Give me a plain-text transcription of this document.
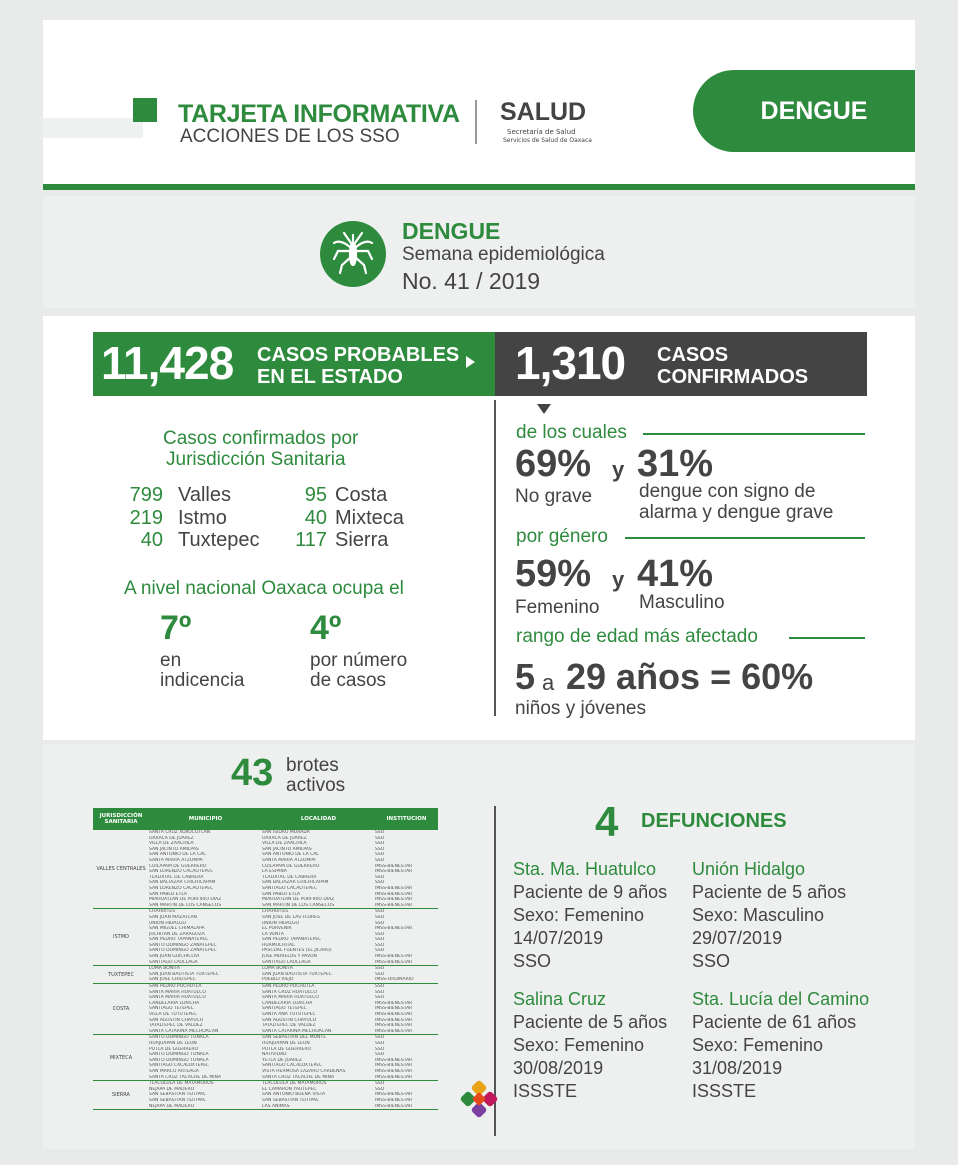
TARJETA INFORMATIVA
ACCIONES DE LOS SSO
SALUD
Secretaría de Salud
Servicios de Salud de Oaxaca
DENGUE
DENGUE
Semana epidemiológica
No. 41 / 2019
11,428 CASOS PROBABLES
EN EL ESTADO 1,310 CASOS
CONFIRMADOS
Casos confirmados por
Jurisdicción Sanitaria
799 Valles
219 Istmo
40 Tuxtepec
95 Costa
40 Mixteca
117 Sierra
A nivel nacional Oaxaca ocupa el
7º
en
indicencia
4º
por número
de casos
de los cuales
69% y 31%
No grave dengue con signo de
alarma y dengue grave
por género
59% y 41%
Femenino Masculino
rango de edad más afectado
5 a 29 años = 60%
niños y jóvenes
43 brotes
activos
JURISDICCIÓN SANITARIA	MUNICIPIO	LOCALIDAD	INSTITUCIÓN
VALLES CENTRALES
SANTA CRUZ XOXOCOTLAN	SAN ISIDRO MORADA	SSO
OAXACA DE JUAREZ	OAXACA DE JUAREZ	SSO
VILLA DE ZAACHILA	VILLA DE ZAACHILA	SSO
SAN JACINTO AMILPAS	SAN JACINTO AMILPAS	SSO
SAN ANTONIO DE LA CAL	SAN ANTONIO DE LA CAL	SSO
SANTA MARIA ATZOMPA	SANTA MARIA ATZOMPA	SSO
CUILAPAM DE GUERRERO	CUILAPAM DE GUERRERO	IMSS-BIENESTAR
SAN LORENZO CACAOTEPEC	LA ESPAÑA	IMSS-BIENESTAR
TLALIXTAC DE CABRERA	TLALIXTAC DE CABRERA	SSO
SAN BALTAZAR CHICHICAPAM	SAN BALTAZAR CHICHICAPAM	SSO
SAN LORENZO CACAOTEPEC	SANTIAGO CACAOTEPEC	IMSS-BIENESTAR
SAN PABLO ETLA	SAN PABLO ETLA	IMSS-BIENESTAR
MIAHUATLAN DE PORFIRIO DIAZ	MIAHUATLAN DE PORFIRIO DIAZ	IMSS-BIENESTAR
SAN MARTIN DE LOS CANSECOS	SAN MARTIN DE LOS CANSECOS	IMSS-BIENESTAR
ISTMO
CHAHUITES	CHAHUITES	SSO
SAN JUAN MAZATLAN	SAN JOSE DE LAS FLORES	SSO
UNION HIDALGO	UNION HIDALGO	SSO
SAN MIGUEL CHIMALAPA	EL PORVENIR	IMSS-BIENESTAR
JUCHITAN DE ZARAGOZA	LA VENTA	SSO
SAN PEDRO TAPANATEPEC	SAN PEDRO TAPANATEPEC	SSO
SANTO DOMINGO ZANATEPEC	HUAMUCHITAL	SSO
SANTO DOMINGO ZANATEPEC	PASCUAL FUENTES (EL JICARO)	SSO
SAN JUAN GUICHICOVI	JOSE MORELOS Y PAVON	IMSS-BIENESTAR
SANTIAGO LAOLLAGA	SANTIAGO LAOLLAGA	IMSS-BIENESTAR
TUXTEPEC
LOMA BONITA	LOMA BONITA	SSO
SAN JUAN BAUTISTA TUXTEPEC	SAN JUAN BAUTISTA TUXTEPEC	SSO
SAN JOSE CHILTEPEC	PUEBLO VIEJO	IMSS-ORDINARIO
COSTA
SAN PEDRO POCHUTLA	SAN PEDRO POCHUTLA	SSO
SANTA MARIA HUATULCO	SANTA CRUZ HUATULCO	SSO
SANTA MARIA HUATULCO	SANTA MARIA HUATULCO	SSO
CANDELARIA LOXICHA	CANDELARIA LOXICHA	IMSS-BIENESTAR
SANTIAGO TETEPEC	SANTIAGO TETEPEC	IMSS-BIENESTAR
VILLA DE TUTUTEPEC	SANTA ANA TUTUTEPEC	IMSS-BIENESTAR
SAN AGUSTIN CHAYUCO	SAN AGUSTIN CHAYUCO	IMSS-BIENESTAR
TATALTEPEC DE VALDEZ	TATALTEPEC DE VALDEZ	IMSS-BIENESTAR
SANTA CATARINA MECHOACAN	SANTA CATARINA MECHOACAN	IMSS-BIENESTAR
MIXTECA
SANTO DOMINGO TONALA	SAN SEBASTIAN DEL MONTE	SSO
HUAJUAPAN DE LEON	HUAJUAPAN DE LEON	SSO
PUTLA DE GUERRERO	PUTLA DE GUERRERO	SSO
SANTO DOMINGO TONALA	NATIVIDAD	SSO
SANTO DOMINGO TONALA	YETLA DE JUAREZ	IMSS-BIENESTAR
SANTIAGO CACALOXTEPEC	SANTIAGO CACALOXTEPEC	IMSS-BIENESTAR
SAN MARCO ARTEAGA	VISTA HERMOSA LAZARO CARDENAS	IMSS-BIENESTAR
SANTA CRUZ TACACHE DE MINA	SANTA CRUZ TACACHE DE MINA	IMSS-BIENESTAR
SIERRA
TLACOLULA DE MATAMOROS	TLACOLULA DE MATAMOROS	SSO
NEJAPA DE MADERO	EL CAMARON YAUTEPEC	SSO
SAN SEBASTIAN TEITIPAC	SAN ANTONIO BUENA VISTA	IMSS-BIENESTAR
SAN SEBASTIAN TEITIPAC	SAN SEBASTIAN TEITIPAC	IMSS-BIENESTAR
NEJAPA DE MADERO	LAS ANIMAS	IMSS-BIENESTAR
4 DEFUNCIONES
Sta. Ma. Huatulco
Paciente de 9 años
Sexo: Femenino
14/07/2019
SSO
Unión Hidalgo
Paciente de 5 años
Sexo: Masculino
29/07/2019
SSO
Salina Cruz
Paciente de 5 años
Sexo: Femenino
30/08/2019
ISSSTE
Sta. Lucía del Camino
Paciente de 61 años
Sexo: Femenino
31/08/2019
ISSSTE
